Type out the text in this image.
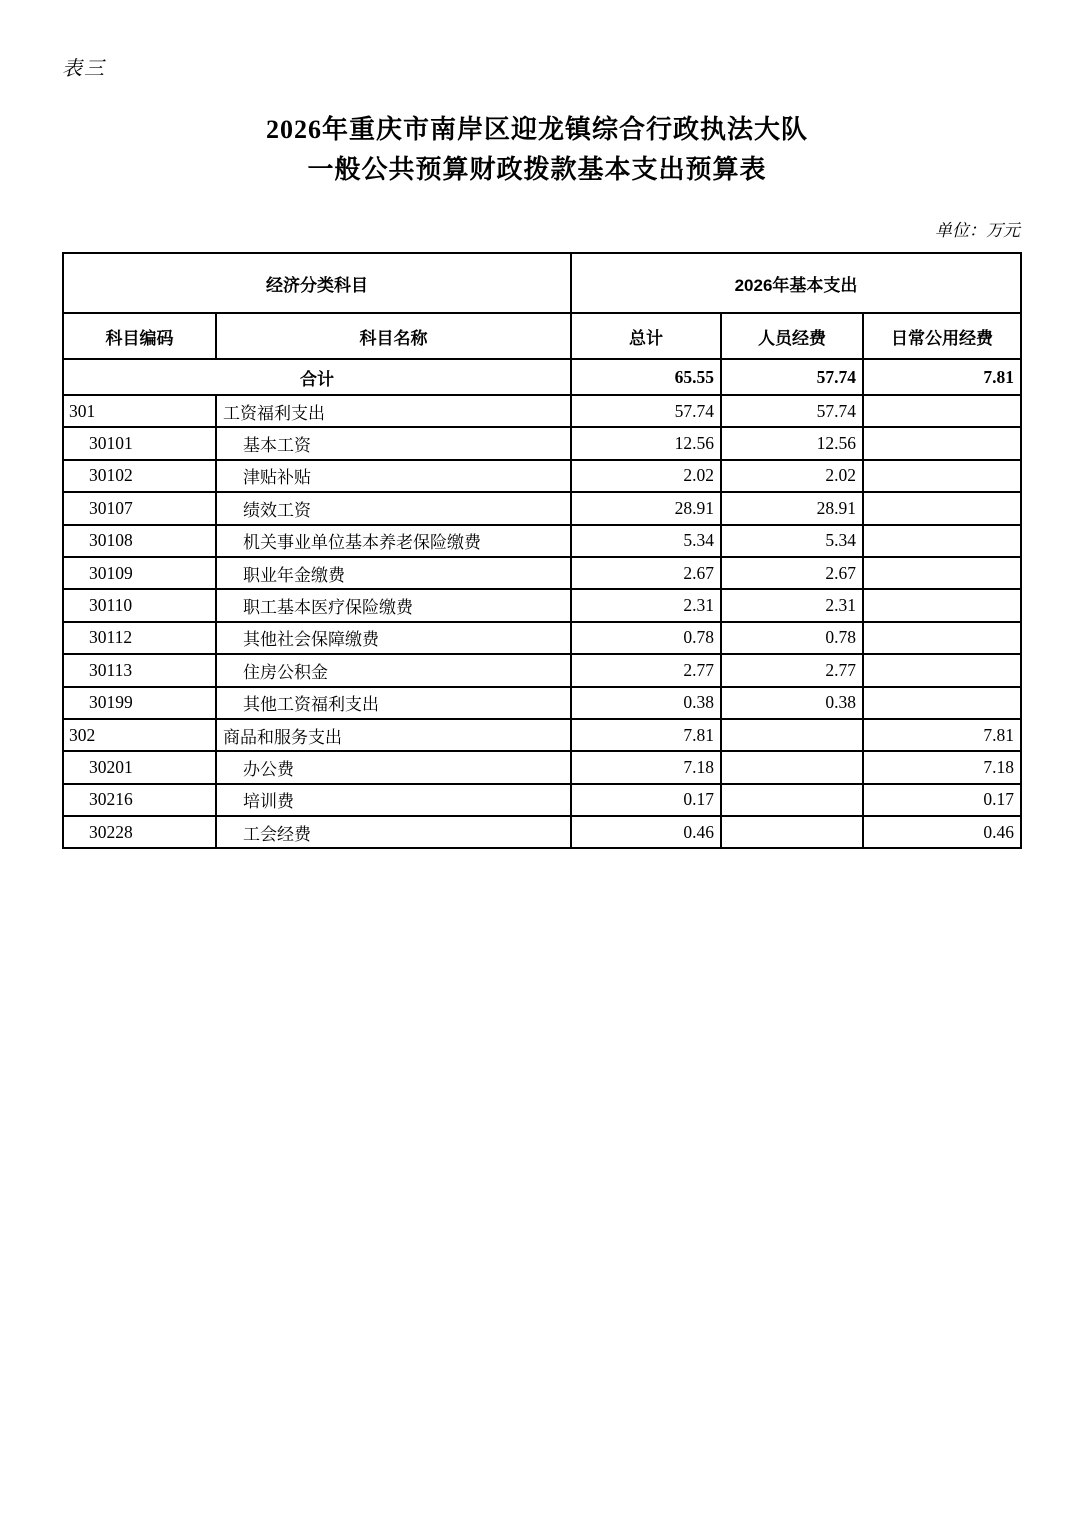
表三
2026年重庆市南岸区迎龙镇综合行政执法大队
一般公共预算财政拨款基本支出预算表
单位：万元
经济分类科目		2026年基本支出		
科目编码	科目名称	总计	人员经费	日常公用经费
合计		65.55	57.74	7.81
301	工资福利支出	57.74	57.74	
30101	基本工资	12.56	12.56	
30102	津贴补贴	2.02	2.02	
30107	绩效工资	28.91	28.91	
30108	机关事业单位基本养老保险缴费	5.34	5.34	
30109	职业年金缴费	2.67	2.67	
30110	职工基本医疗保险缴费	2.31	2.31	
30112	其他社会保障缴费	0.78	0.78	
30113	住房公积金	2.77	2.77	
30199	其他工资福利支出	0.38	0.38	
302	商品和服务支出	7.81		7.81
30201	办公费	7.18		7.18
30216	培训费	0.17		0.17
30228	工会经费	0.46		0.46
